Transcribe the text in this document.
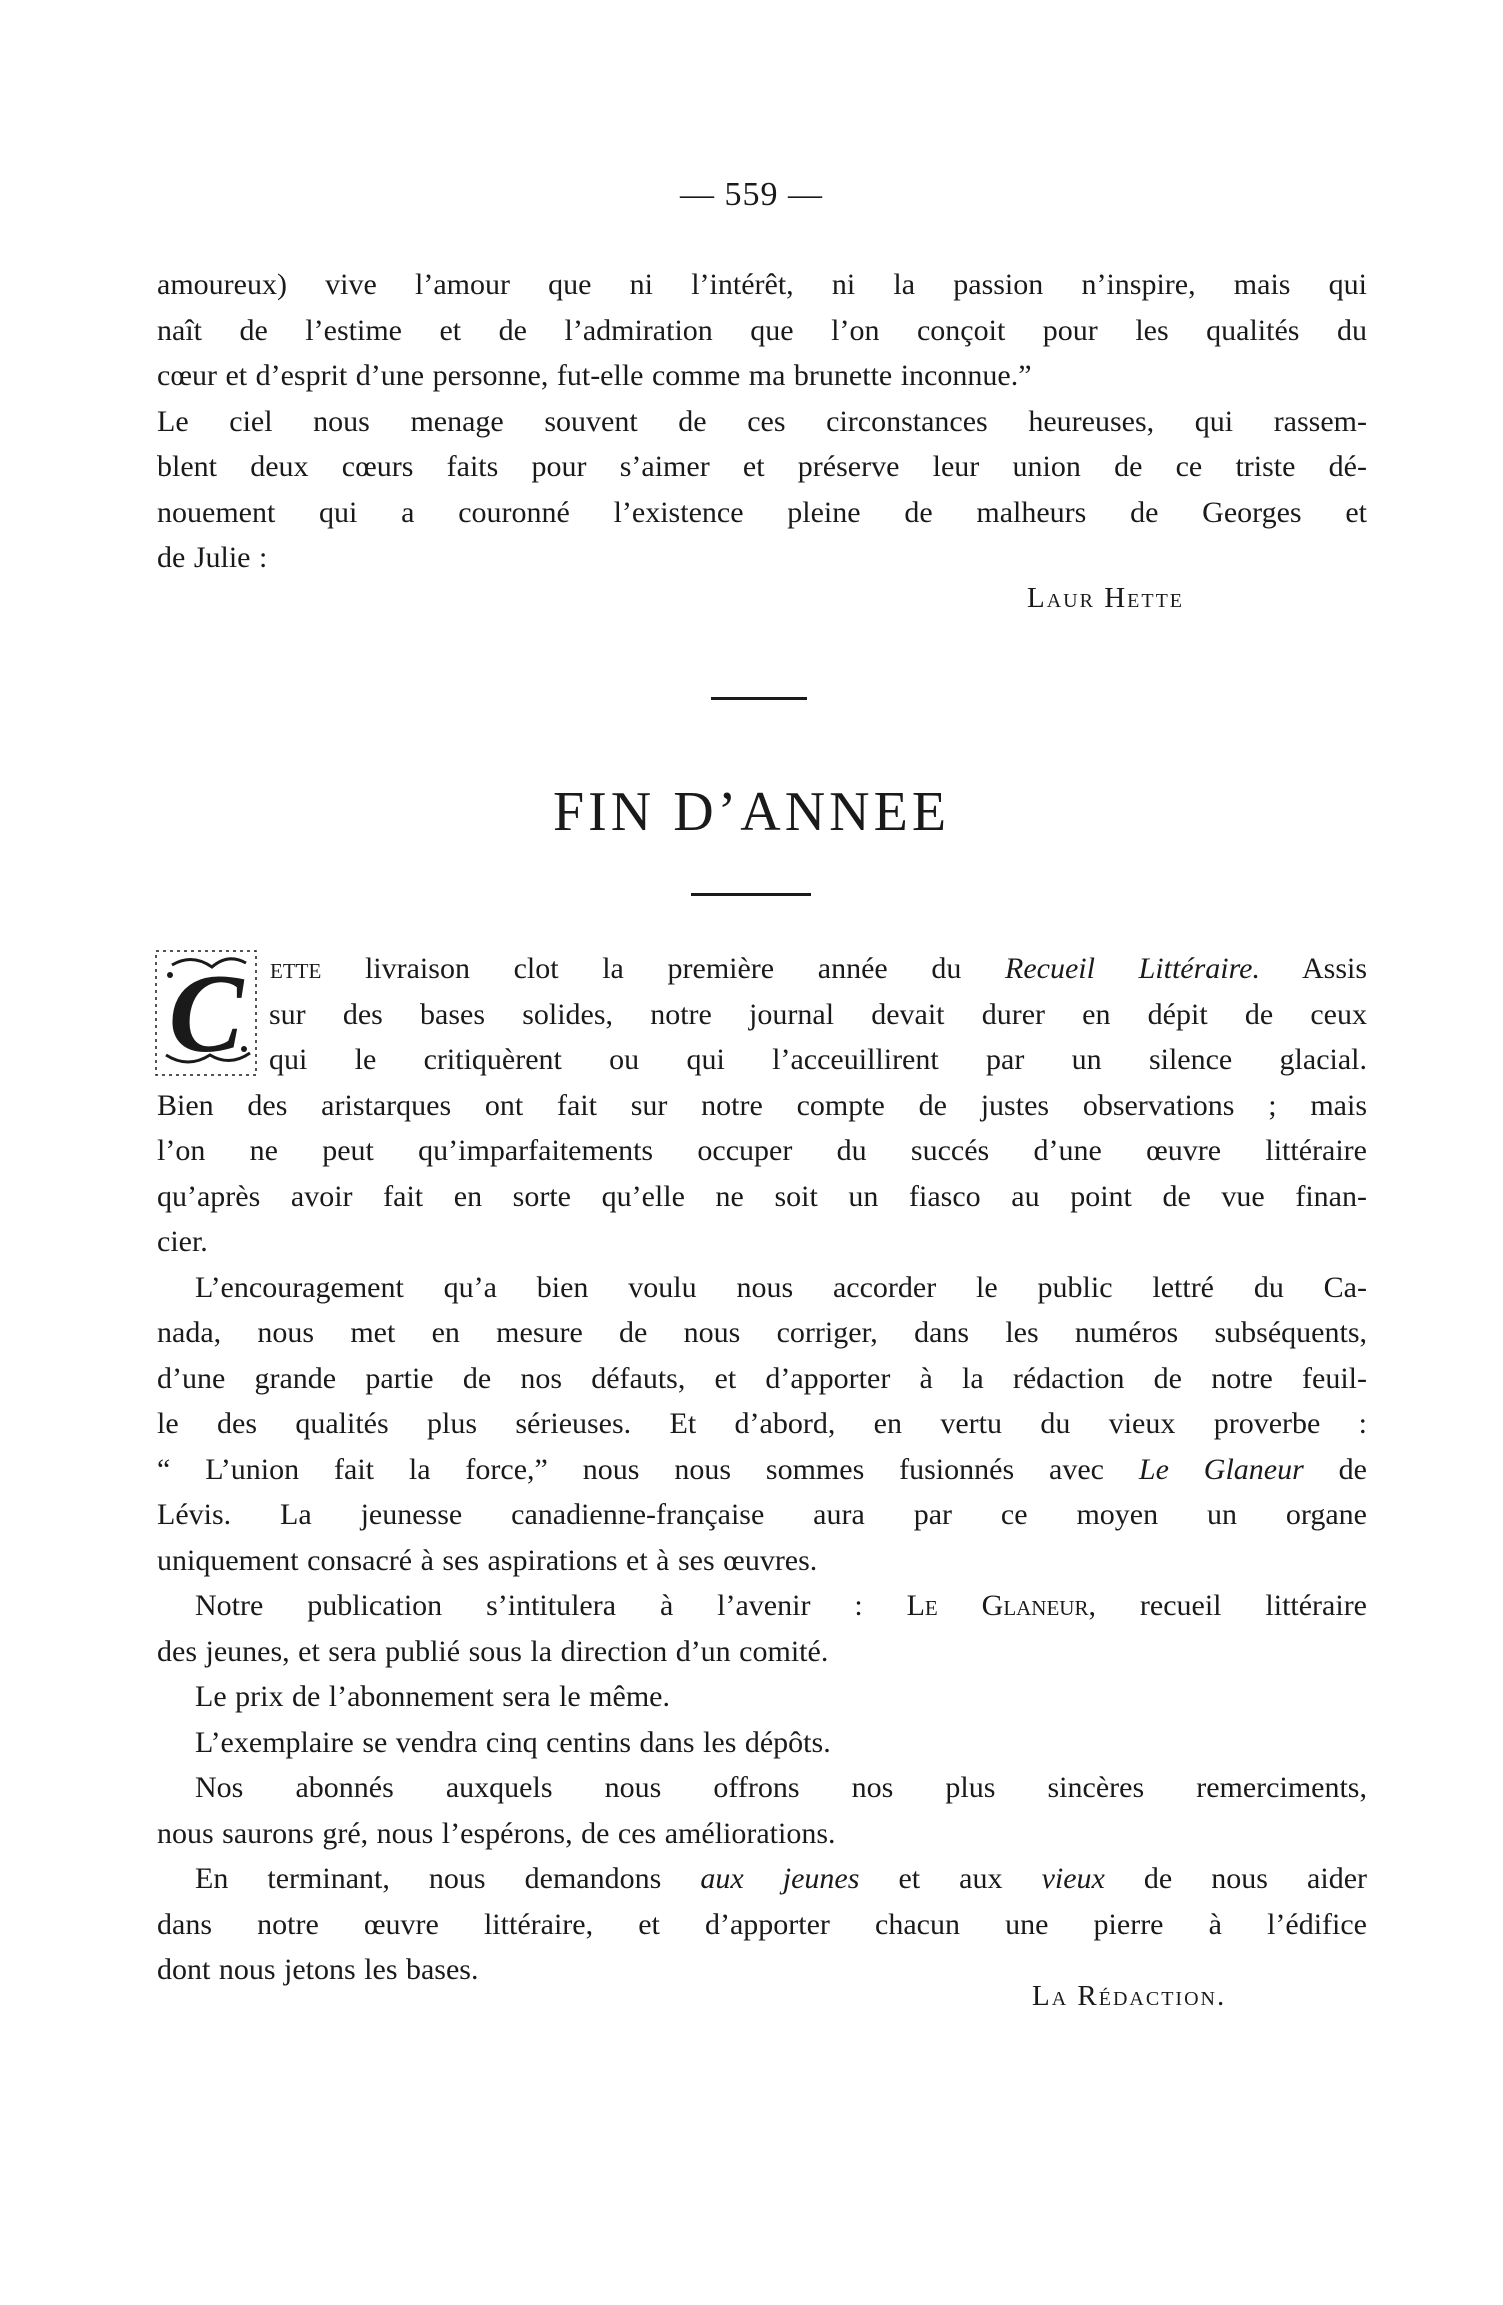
— 559 —
amoureux) vive l’amour que ni l’intérêt, ni la passion n’inspire, mais qui
naît de l’estime et de l’admiration que l’on conçoit pour les qualités du
cœur et d’esprit d’une personne, fut-elle comme ma brunette inconnue.”
Le ciel nous menage souvent de ces circonstances heureuses, qui rassem-
blent deux cœurs faits pour s’aimer et préserve leur union de ce triste dé-
nouement qui a couronné l’existence pleine de malheurs de Georges et
de Julie :
Laur Hette
FIN D’ANNEE
C ette livraison clot la première année du Recueil Littéraire. Assis
sur des bases solides, notre journal devait durer en dépit de ceux
qui le critiquèrent ou qui l’acceuillirent par un silence glacial.
Bien des aristarques ont fait sur notre compte de justes observations ; mais
l’on ne peut qu’imparfaitements occuper du succés d’une œuvre littéraire
qu’après avoir fait en sorte qu’elle ne soit un fiasco au point de vue finan-
cier.
L’encouragement qu’a bien voulu nous accorder le public lettré du Ca-
nada, nous met en mesure de nous corriger, dans les numéros subséquents,
d’une grande partie de nos défauts, et d’apporter à la rédaction de notre feuil-
le des qualités plus sérieuses. Et d’abord, en vertu du vieux proverbe :
“ L’union fait la force,” nous nous sommes fusionnés avec Le Glaneur de
Lévis. La jeunesse canadienne-française aura par ce moyen un organe
uniquement consacré à ses aspirations et à ses œuvres.
Notre publication s’intitulera à l’avenir : Le Glaneur, recueil littéraire
des jeunes, et sera publié sous la direction d’un comité.
Le prix de l’abonnement sera le même.
L’exemplaire se vendra cinq centins dans les dépôts.
Nos abonnés auxquels nous offrons nos plus sincères remerciments,
nous saurons gré, nous l’espérons, de ces améliorations.
En terminant, nous demandons aux jeunes et aux vieux de nous aider
dans notre œuvre littéraire, et d’apporter chacun une pierre à l’édifice
dont nous jetons les bases.
La Rédaction.
